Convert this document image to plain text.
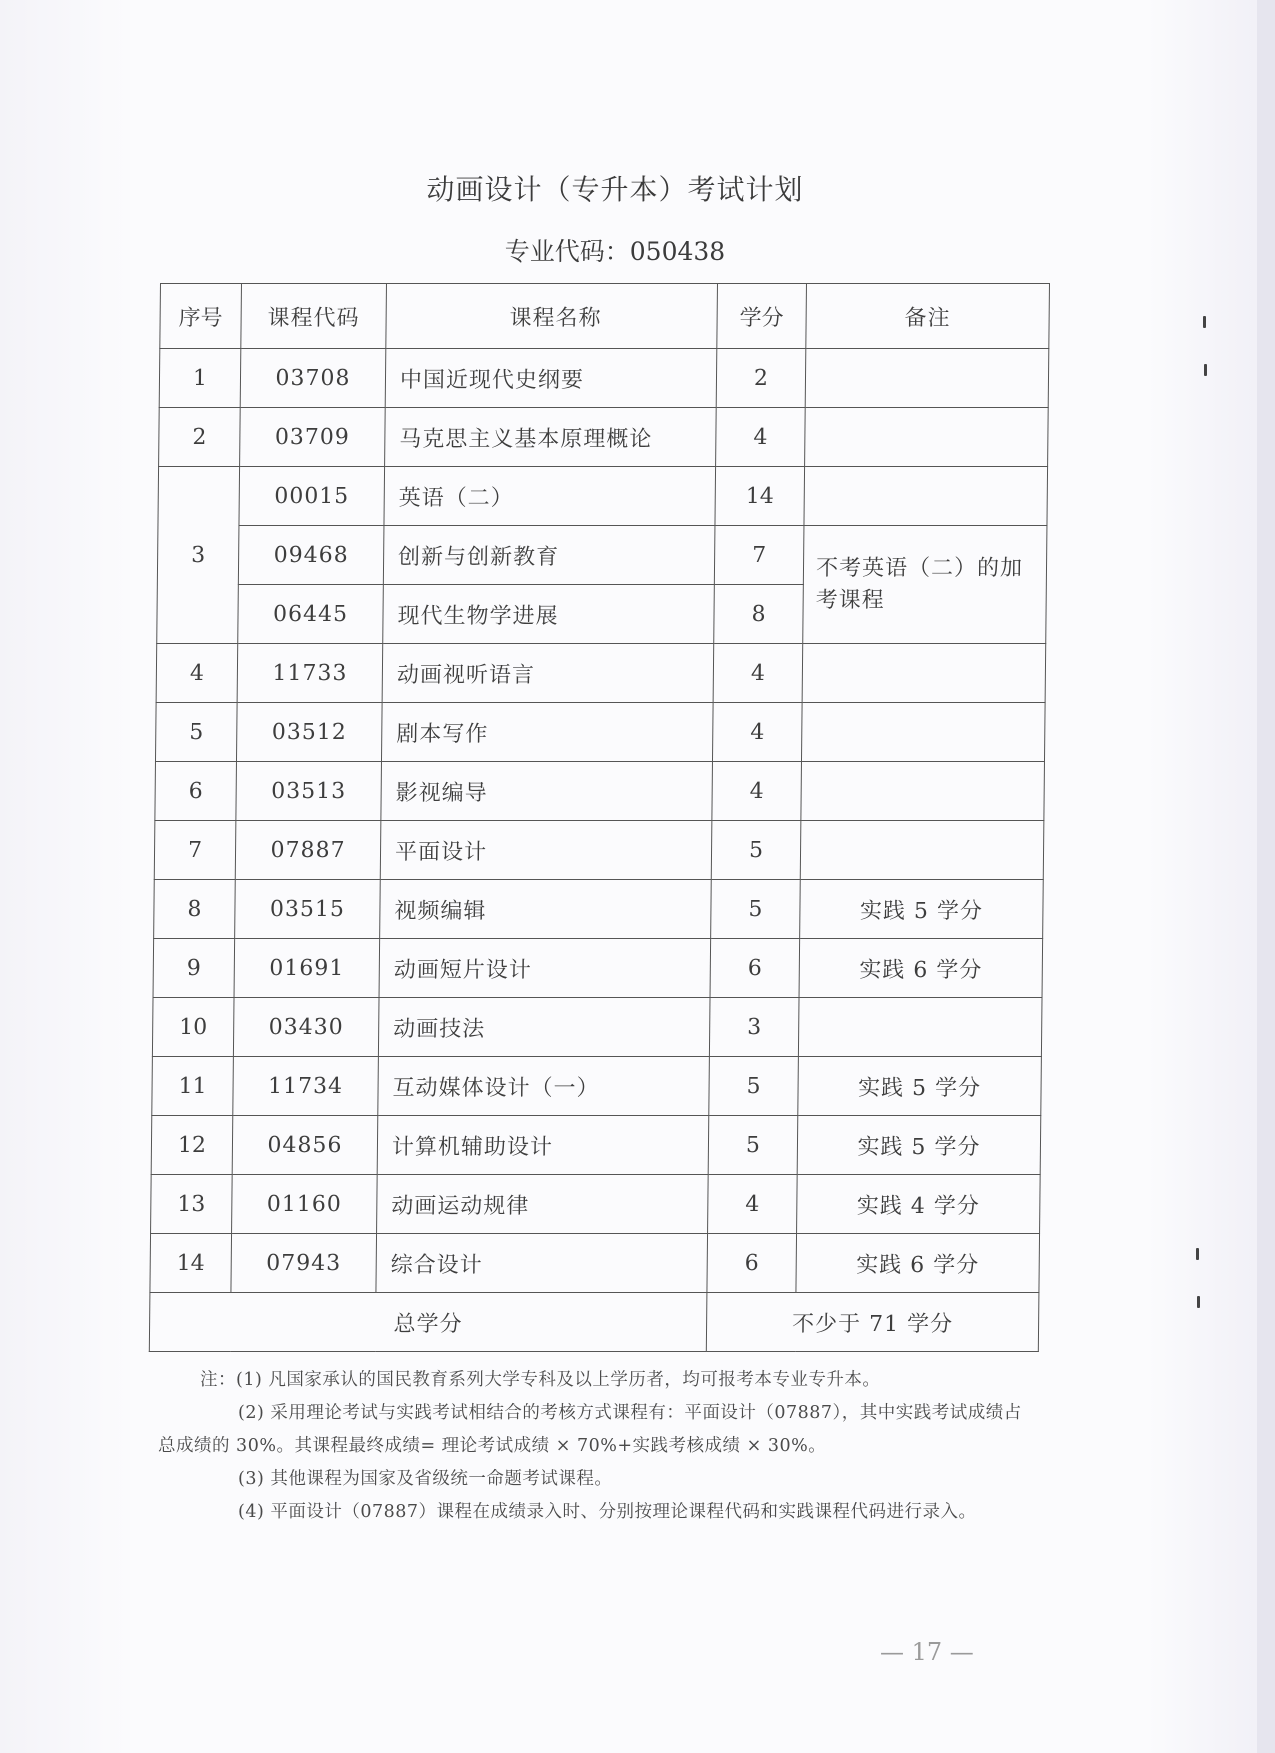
动画设计（专升本）考试计划
专业代码：050438
序号	课程代码	课程名称	学分	备注
1	03708	中国近现代史纲要	2	
2	03709	马克思主义基本原理概论	4	
3	00015	英语（二）	14	
	09468	创新与创新教育	7	不考英语（二）的加考课程
	06445	现代生物学进展	8	
4	11733	动画视听语言	4	
5	03512	剧本写作	4	
6	03513	影视编导	4	
7	07887	平面设计	5	
8	03515	视频编辑	5	实践 5 学分
9	01691	动画短片设计	6	实践 6 学分
10	03430	动画技法	3	
11	11734	互动媒体设计（一）	5	实践 5 学分
12	04856	计算机辅助设计	5	实践 5 学分
13	01160	动画运动规律	4	实践 4 学分
14	07943	综合设计	6	实践 6 学分
总学分			不少于 71 学分	

注：(1) 凡国家承认的国民教育系列大学专科及以上学历者，均可报考本专业专升本。

(2) 采用理论考试与实践考试相结合的考核方式课程有：平面设计（07887），其中实践考试成绩占总成绩的 30%。其课程最终成绩= 理论考试成绩 × 70%+实践考核成绩 × 30%。

(3) 其他课程为国家及省级统一命题考试课程。

(4) 平面设计（07887）课程在成绩录入时、分别按理论课程代码和实践课程代码进行录入。

— 17 —
